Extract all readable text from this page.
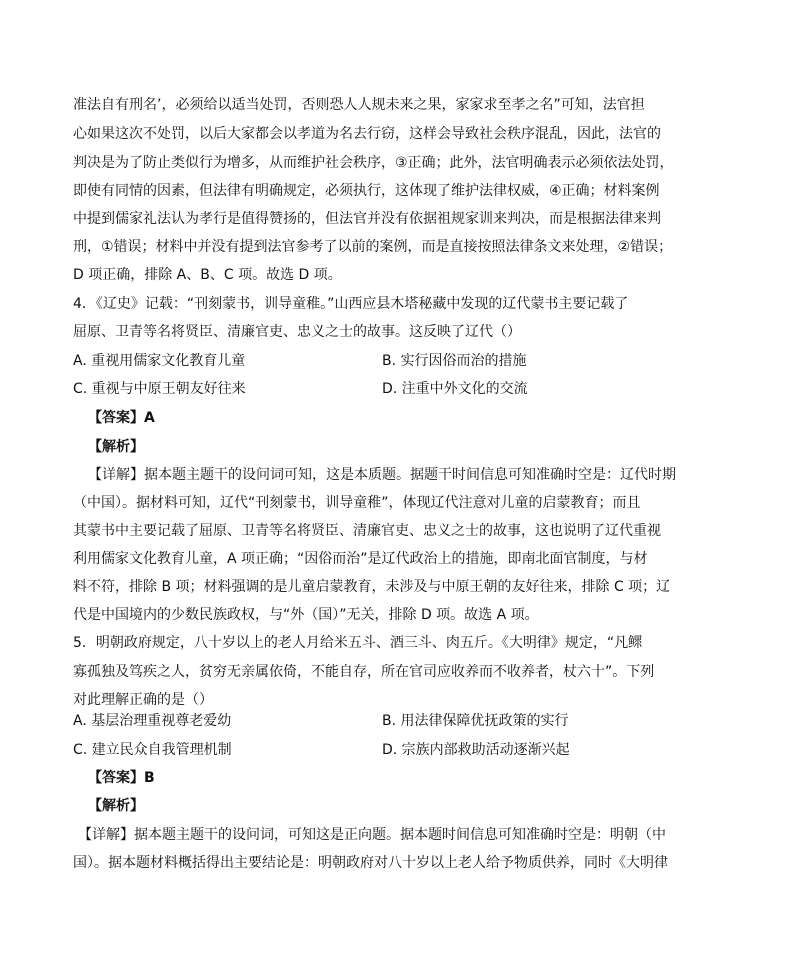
准法自有刑名’，必须给以适当处罚，否则恐人人规未来之果，家家求至孝之名”可知，法官担
心如果这次不处罚，以后大家都会以孝道为名去行窃，这样会导致社会秩序混乱，因此，法官的
判决是为了防止类似行为增多，从而维护社会秩序，③正确；此外，法官明确表示必须依法处罚，
即使有同情的因素，但法律有明确规定，必须执行，这体现了维护法律权威，④正确；材料案例
中提到儒家礼法认为孝行是值得赞扬的，但法官并没有依据祖规家训来判决，而是根据法律来判
刑，①错误；材料中并没有提到法官参考了以前的案例，而是直接按照法律条文来处理，②错误；
D 项正确，排除 A、B、C 项。故选 D 项。
4．《辽史》记载：“刊刻蒙书，训导童稚。”山西应县木塔秘藏中发现的辽代蒙书主要记载了
屈原、卫青等名将贤臣、清廉官吏、忠义之士的故事。这反映了辽代（）
A. 重视用儒家文化教育儿童	B. 实行因俗而治的措施
C. 重视与中原王朝友好往来	D. 注重中外文化的交流
【答案】A
【解析】
【详解】据本题主题干的设问词可知，这是本质题。据题干时间信息可知准确时空是：辽代时期
（中国）。据材料可知，辽代“刊刻蒙书，训导童稚”，体现辽代注意对儿童的启蒙教育；而且
其蒙书中主要记载了屈原、卫青等名将贤臣、清廉官吏、忠义之士的故事，这也说明了辽代重视
利用儒家文化教育儿童，A 项正确；“因俗而治”是辽代政治上的措施，即南北面官制度，与材
料不符，排除 B 项；材料强调的是儿童启蒙教育，未涉及与中原王朝的友好往来，排除 C 项；辽
代是中国境内的少数民族政权，与“外（国）”无关，排除 D 项。故选 A 项。
5．明朝政府规定，八十岁以上的老人月给米五斗、酒三斗、肉五斤。《大明律》规定，“凡鳏
寡孤独及笃疾之人，贫穷无亲属依倚，不能自存，所在官司应收养而不收养者，杖六十”。下列
对此理解正确的是（）
A. 基层治理重视尊老爱幼	B. 用法律保障优抚政策的实行
C. 建立民众自我管理机制	D. 宗族内部救助活动逐渐兴起
【答案】B
【解析】
【详解】据本题主题干的设问词，可知这是正向题。据本题时间信息可知准确时空是：明朝（中
国）。据本题材料概括得出主要结论是：明朝政府对八十岁以上老人给予物质供养，同时《大明律
